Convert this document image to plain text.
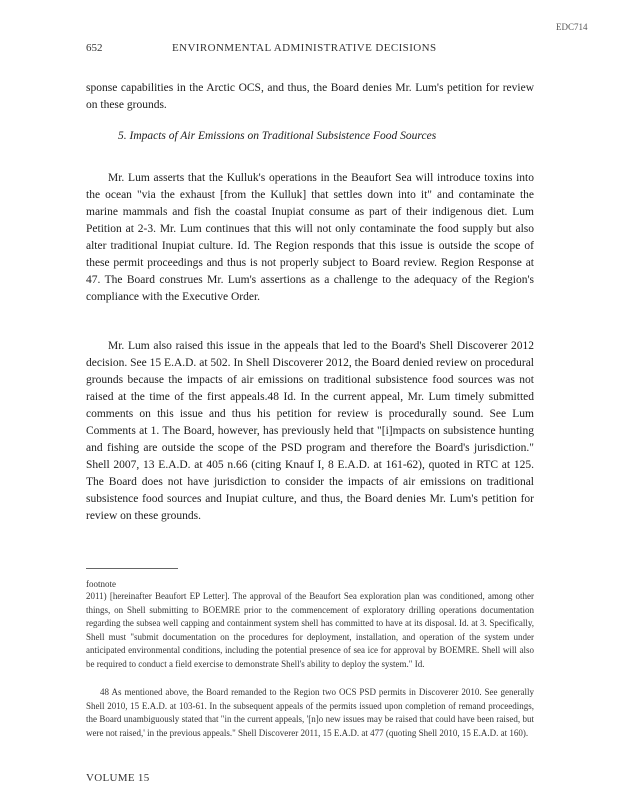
EDC714
652	ENVIRONMENTAL ADMINISTRATIVE DECISIONS

sponse capabilities in the Arctic OCS, and thus, the Board denies Mr. Lum's petition for review on these grounds.

5. Impacts of Air Emissions on Traditional Subsistence Food Sources

Mr. Lum asserts that the Kulluk's operations in the Beaufort Sea will introduce toxins into the ocean "via the exhaust [from the Kulluk] that settles down into it" and contaminate the marine mammals and fish the coastal Inupiat consume as part of their indigenous diet. Lum Petition at 2-3. Mr. Lum continues that this will not only contaminate the food supply but also alter traditional Inupiat culture. Id. The Region responds that this issue is outside the scope of these permit proceedings and thus is not properly subject to Board review. Region Response at 47. The Board construes Mr. Lum's assertions as a challenge to the adequacy of the Region's compliance with the Executive Order.

Mr. Lum also raised this issue in the appeals that led to the Board's Shell Discoverer 2012 decision. See 15 E.A.D. at 502. In Shell Discoverer 2012, the Board denied review on procedural grounds because the impacts of air emissions on traditional subsistence food sources was not raised at the time of the first appeals.48 Id. In the current appeal, Mr. Lum timely submitted comments on this issue and thus his petition for review is procedurally sound. See Lum Comments at 1. The Board, however, has previously held that "[i]mpacts on subsistence hunting and fishing are outside the scope of the PSD program and therefore the Board's jurisdiction." Shell 2007, 13 E.A.D. at 405 n.66 (citing Knauf I, 8 E.A.D. at 161-62), quoted in RTC at 125. The Board does not have jurisdiction to consider the impacts of air emissions on traditional subsistence food sources and Inupiat culture, and thus, the Board denies Mr. Lum's petition for review on these grounds.

footnote

2011) [hereinafter Beaufort EP Letter]. The approval of the Beaufort Sea exploration plan was conditioned, among other things, on Shell submitting to BOEMRE prior to the commencement of exploratory drilling operations documentation regarding the subsea well capping and containment system shell has committed to have at its disposal. Id. at 3. Specifically, Shell must "submit documentation on the procedures for deployment, installation, and operation of the system under anticipated environmental conditions, including the potential presence of sea ice for approval by BOEMRE. Shell will also be required to conduct a field exercise to demonstrate Shell's ability to deploy the system." Id.

48 As mentioned above, the Board remanded to the Region two OCS PSD permits in Discoverer 2010. See generally Shell 2010, 15 E.A.D. at 103-61. In the subsequent appeals of the permits issued upon completion of remand proceedings, the Board unambiguously stated that "in the current appeals, '[n]o new issues may be raised that could have been raised, but were not raised,' in the previous appeals." Shell Discoverer 2011, 15 E.A.D. at 477 (quoting Shell 2010, 15 E.A.D. at 160).

VOLUME 15
